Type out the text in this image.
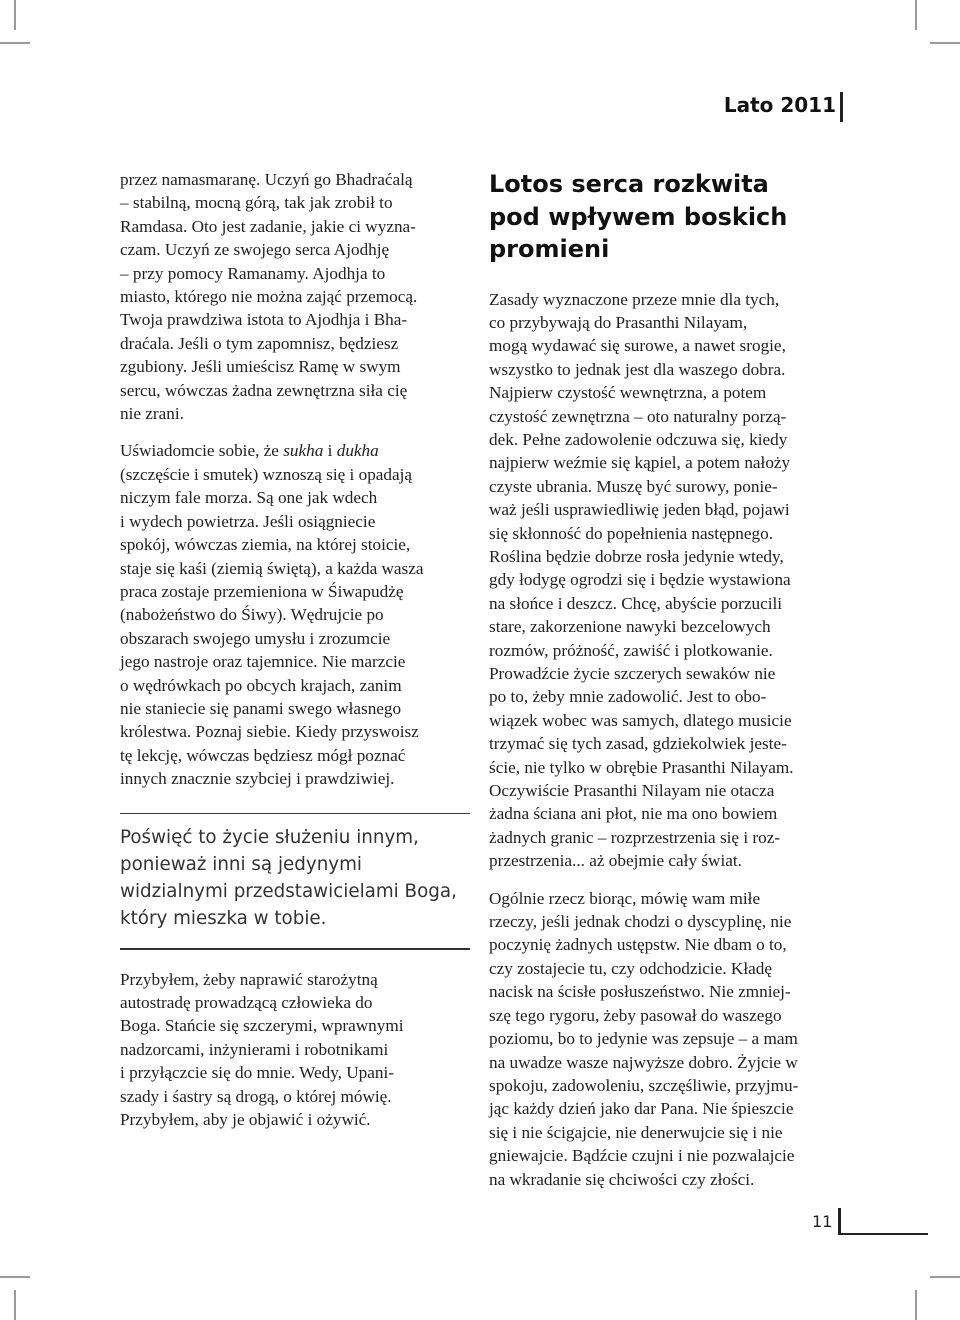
Lato 2011

przez namasmaranę. Uczyń go Bhadraćalą
– stabilną, mocną górą, tak jak zrobił to
Ramdasa. Oto jest zadanie, jakie ci wyzna-
czam. Uczyń ze swojego serca Ajodhję
– przy pomocy Ramanamy. Ajodhja to
miasto, którego nie można zająć przemocą.
Twoja prawdziwa istota to Ajodhja i Bha-
draćala. Jeśli o tym zapomnisz, będziesz
zgubiony. Jeśli umieścisz Ramę w swym
sercu, wówczas żadna zewnętrzna siła cię
nie zrani.

Uświadomcie sobie, że sukha i dukha
(szczęście i smutek) wznoszą się i opadają
niczym fale morza. Są one jak wdech
i wydech powietrza. Jeśli osiągniecie
spokój, wówczas ziemia, na której stoicie,
staje się kaśi (ziemią świętą), a każda wasza
praca zostaje przemieniona w Śiwapudżę
(nabożeństwo do Śiwy). Wędrujcie po
obszarach swojego umysłu i zrozumcie
jego nastroje oraz tajemnice. Nie marzcie
o wędrówkach po obcych krajach, zanim
nie staniecie się panami swego własnego
królestwa. Poznaj siebie. Kiedy przyswoisz
tę lekcję, wówczas będziesz mógł poznać
innych znacznie szybciej i prawdziwiej.

Poświęć to życie służeniu innym,
ponieważ inni są jedynymi
widzialnymi przedstawicielami Boga,
który mieszka w tobie.

Przybyłem, żeby naprawić starożytną
autostradę prowadzącą człowieka do
Boga. Stańcie się szczerymi, wprawnymi
nadzorcami, inżynierami i robotnikami
i przyłączcie się do mnie. Wedy, Upani-
szady i śastry są drogą, o której mówię.
Przybyłem, aby je objawić i ożywić.

Lotos serca rozkwita
pod wpływem boskich
promieni

Zasady wyznaczone przeze mnie dla tych,
co przybywają do Prasanthi Nilayam,
mogą wydawać się surowe, a nawet srogie,
wszystko to jednak jest dla waszego dobra.
Najpierw czystość wewnętrzna, a potem
czystość zewnętrzna – oto naturalny porzą-
dek. Pełne zadowolenie odczuwa się, kiedy
najpierw weźmie się kąpiel, a potem nałoży
czyste ubrania. Muszę być surowy, ponie-
waż jeśli usprawiedliwię jeden błąd, pojawi
się skłonność do popełnienia następnego.
Roślina będzie dobrze rosła jedynie wtedy,
gdy łodygę ogrodzi się i będzie wystawiona
na słońce i deszcz. Chcę, abyście porzucili
stare, zakorzenione nawyki bezcelowych
rozmów, próżność, zawiść i plotkowanie.
Prowadźcie życie szczerych sewaków nie
po to, żeby mnie zadowolić. Jest to obo-
wiązek wobec was samych, dlatego musicie
trzymać się tych zasad, gdziekolwiek jeste-
ście, nie tylko w obrębie Prasanthi Nilayam.
Oczywiście Prasanthi Nilayam nie otacza
żadna ściana ani płot, nie ma ono bowiem
żadnych granic – rozprzestrzenia się i roz-
przestrzenia... aż obejmie cały świat.

Ogólnie rzecz biorąc, mówię wam miłe
rzeczy, jeśli jednak chodzi o dyscyplinę, nie
poczynię żadnych ustępstw. Nie dbam o to,
czy zostajecie tu, czy odchodzicie. Kładę
nacisk na ścisłe posłuszeństwo. Nie zmniej-
szę tego rygoru, żeby pasował do waszego
poziomu, bo to jedynie was zepsuje – a mam
na uwadze wasze najwyższe dobro. Żyjcie w
spokoju, zadowoleniu, szczęśliwie, przyjmu-
jąc każdy dzień jako dar Pana. Nie śpieszcie
się i nie ścigajcie, nie denerwujcie się i nie
gniewajcie. Bądźcie czujni i nie pozwalajcie
na wkradanie się chciwości czy złości.

11
